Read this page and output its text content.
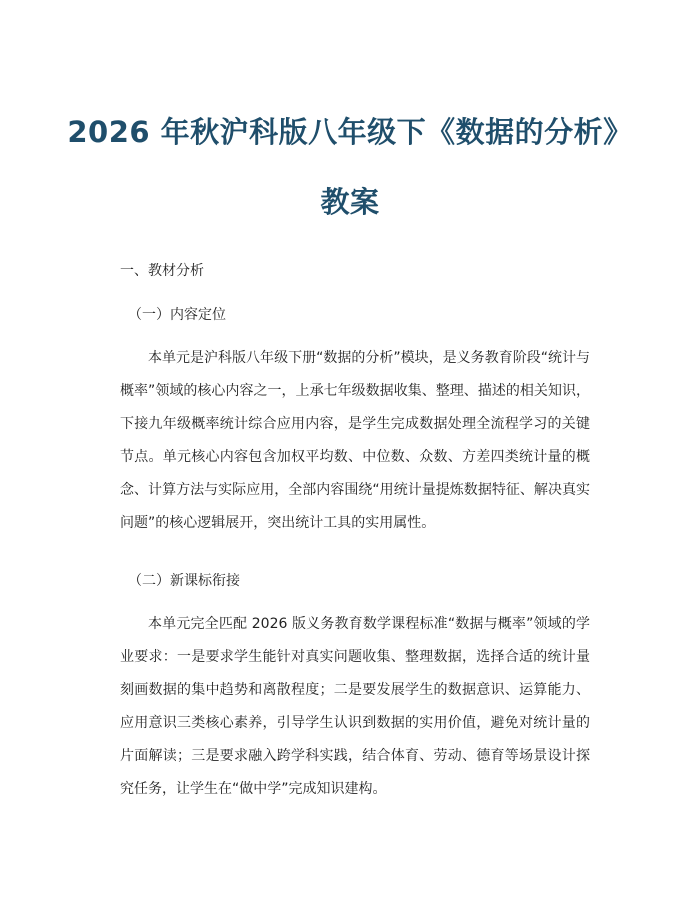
2026 年秋沪科版八年级下《数据的分析》
教案
一、教材分析
（一）内容定位

本单元是沪科版八年级下册“数据的分析”模块，是义务教育阶段“统计与概率”领域的核心内容之一，上承七年级数据收集、整理、描述的相关知识，下接九年级概率统计综合应用内容，是学生完成数据处理全流程学习的关键节点。单元核心内容包含加权平均数、中位数、众数、方差四类统计量的概念、计算方法与实际应用，全部内容围绕“用统计量提炼数据特征、解决真实问题”的核心逻辑展开，突出统计工具的实用属性。

（二）新课标衔接

本单元完全匹配 2026 版义务教育数学课程标准“数据与概率”领域的学业要求：一是要求学生能针对真实问题收集、整理数据，选择合适的统计量刻画数据的集中趋势和离散程度；二是要发展学生的数据意识、运算能力、应用意识三类核心素养，引导学生认识到数据的实用价值，避免对统计量的片面解读；三是要求融入跨学科实践，结合体育、劳动、德育等场景设计探究任务，让学生在“做中学”完成知识建构。
